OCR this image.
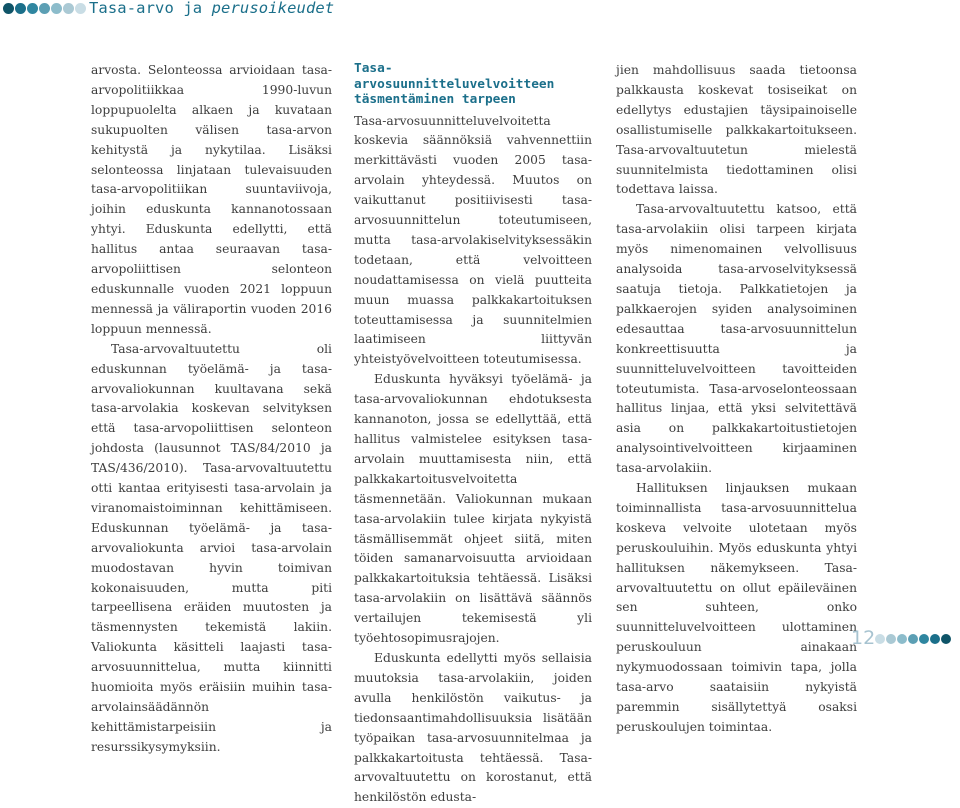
Tasa-arvo ja perusoikeudet

arvosta. Selonteossa arvioidaan tasa-arvopolitiikkaa 1990-luvun loppupuolelta alkaen ja kuvataan sukupuolten välisen tasa-arvon kehitystä ja nykytilaa. Lisäksi selonteossa linjataan tulevaisuuden tasa-arvopolitiikan suuntaviivoja, joihin eduskunta kannanotossaan yhtyi. Eduskunta edellytti, että hallitus antaa seuraavan tasa-arvopoliittisen selonteon eduskunnalle vuoden 2021 loppuun mennessä ja väliraportin vuoden 2016 loppuun mennessä.

Tasa-arvovaltuutettu oli eduskunnan työelämä- ja tasa-arvovaliokunnan kuultavana sekä tasa-arvolakia koskevan selvityksen että tasa-arvopoliittisen selonteon johdosta (lausunnot TAS/84/2010 ja TAS/436/2010). Tasa-arvovaltuutettu otti kantaa erityisesti tasa-arvolain ja viranomaistoiminnan kehittämiseen. Eduskunnan työelämä- ja tasa-arvovaliokunta arvioi tasa-arvolain muodostavan hyvin toimivan kokonaisuuden, mutta piti tarpeellisena eräiden muutosten ja täsmennysten tekemistä lakiin. Valiokunta käsitteli laajasti tasa-arvosuunnittelua, mutta kiinnitti huomioita myös eräisiin muihin tasa-arvolainsäädännön kehittämistarpeisiin ja resurssikysymyksiin.

Tasa-arvosuunnitteluvelvoitteen täsmentäminen tarpeen

Tasa-arvosuunnitteluvelvoitetta koskevia säännöksiä vahvennettiin merkittävästi vuoden 2005 tasa-arvolain yhteydessä. Muutos on vaikuttanut positiivisesti tasa-arvosuunnittelun toteutumiseen, mutta tasa-arvolakiselvityksessäkin todetaan, että velvoitteen noudattamisessa on vielä puutteita muun muassa palkkakartoituksen toteuttamisessa ja suunnitelmien laatimiseen liittyvän yhteistyövelvoitteen toteutumisessa.

Eduskunta hyväksyi työelämä- ja tasa-arvovaliokunnan ehdotuksesta kannanoton, jossa se edellyttää, että hallitus valmistelee esityksen tasa-arvolain muuttamisesta niin, että palkkakartoitusvelvoitetta täsmennetään. Valiokunnan mukaan tasa-arvolakiin tulee kirjata nykyistä täsmällisemmät ohjeet siitä, miten töiden samanarvoisuutta arvioidaan palkkakartoituksia tehtäessä. Lisäksi tasa-arvolakiin on lisättävä säännös vertailujen tekemisestä yli työehtosopimusrajojen.

Eduskunta edellytti myös sellaisia muutoksia tasa-arvolakiin, joiden avulla henkilöstön vaikutus- ja tiedonsaantimahdollisuuksia lisätään työpaikan tasa-arvosuunnitelmaa ja palkkakartoitusta tehtäessä. Tasa-arvovaltuutettu on korostanut, että henkilöstön edusta-

jien mahdollisuus saada tietoonsa palkkausta koskevat tosiseikat on edellytys edustajien täysipainoiselle osallistumiselle palkkakartoitukseen. Tasa-arvovaltuutetun mielestä suunnitelmista tiedottaminen olisi todettava laissa.

Tasa-arvovaltuutettu katsoo, että tasa-arvolakiin olisi tarpeen kirjata myös nimenomainen velvollisuus analysoida tasa-arvoselvityksessä saatuja tietoja. Palkkatietojen ja palkkaerojen syiden analysoiminen edesauttaa tasa-arvosuunnittelun konkreettisuutta ja suunnitteluvelvoitteen tavoitteiden toteutumista. Tasa-arvoselonteossaan hallitus linjaa, että yksi selvitettävä asia on palkkakartoitustietojen analysointivelvoitteen kirjaaminen tasa-arvolakiin.

Hallituksen linjauksen mukaan toiminnallista tasa-arvosuunnittelua koskeva velvoite ulotetaan myös peruskouluihin. Myös eduskunta yhtyi hallituksen näkemykseen. Tasa-arvovaltuutettu on ollut epäileväinen sen suhteen, onko suunnitteluvelvoitteen ulottaminen peruskouluun ainakaan nykymuodossaan toimivin tapa, jolla tasa-arvo saataisiin nykyistä paremmin sisällytettyä osaksi peruskoulujen toimintaa.

12
